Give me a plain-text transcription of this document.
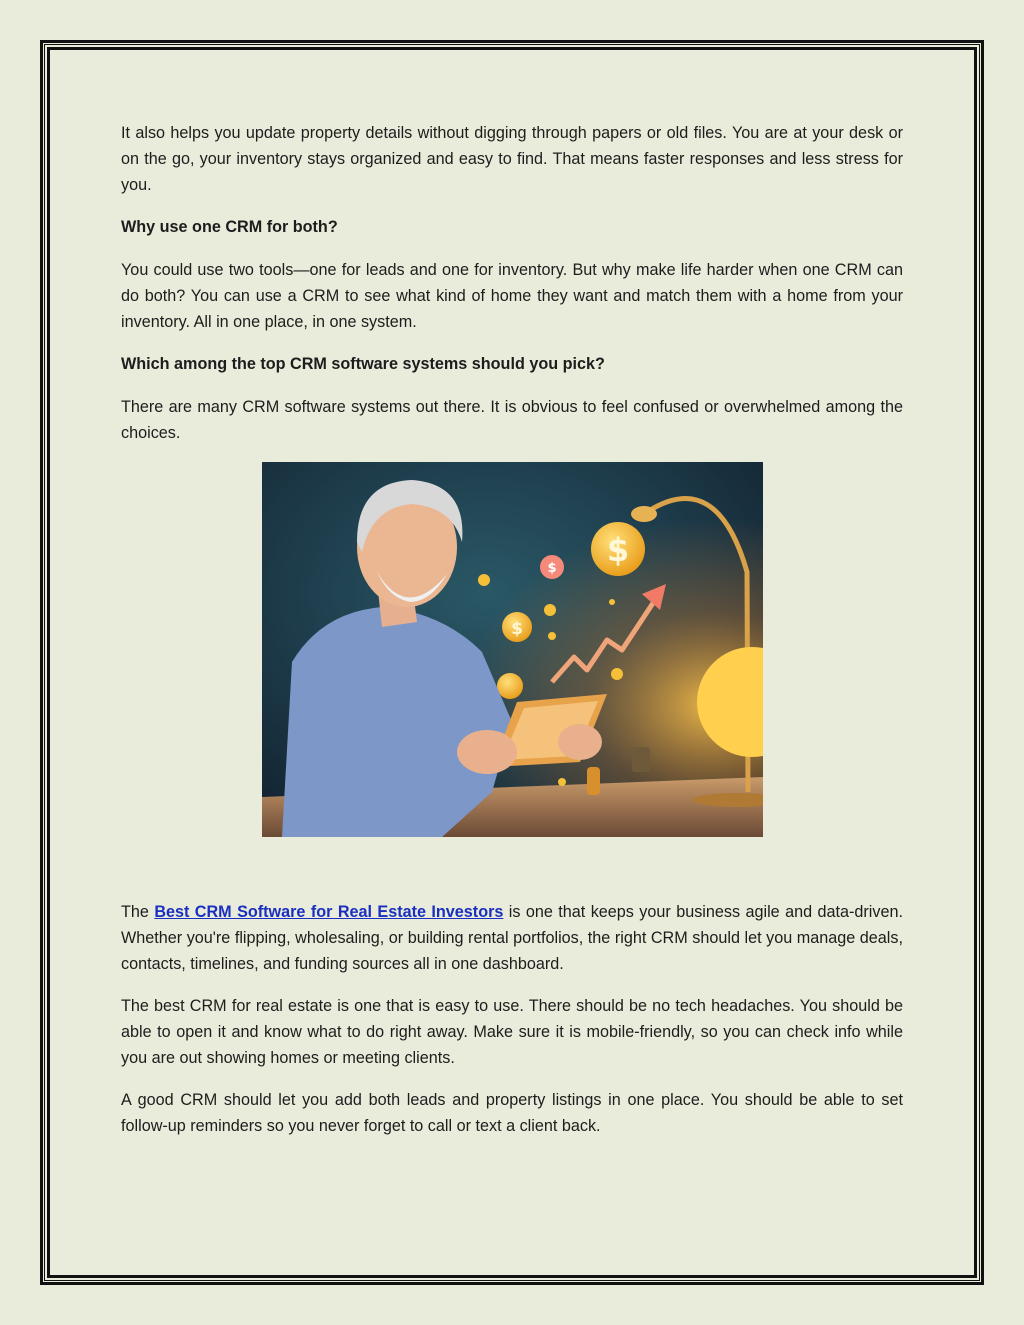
It also helps you update property details without digging through papers or old files. You are at your desk or on the go, your inventory stays organized and easy to find. That means faster responses and less stress for you.

Why use one CRM for both?

You could use two tools—one for leads and one for inventory. But why make life harder when one CRM can do both? You can use a CRM to see what kind of home they want and match them with a home from your inventory. All in one place, in one system.

Which among the top CRM software systems should you pick?

There are many CRM software systems out there. It is obvious to feel confused or overwhelmed among the choices.

$
$
$

The Best CRM Software for Real Estate Investors is one that keeps your business agile and data-driven. Whether you're flipping, wholesaling, or building rental portfolios, the right CRM should let you manage deals, contacts, timelines, and funding sources all in one dashboard.

The best CRM for real estate is one that is easy to use. There should be no tech headaches. You should be able to open it and know what to do right away. Make sure it is mobile-friendly, so you can check info while you are out showing homes or meeting clients.

A good CRM should let you add both leads and property listings in one place. You should be able to set follow-up reminders so you never forget to call or text a client back.
